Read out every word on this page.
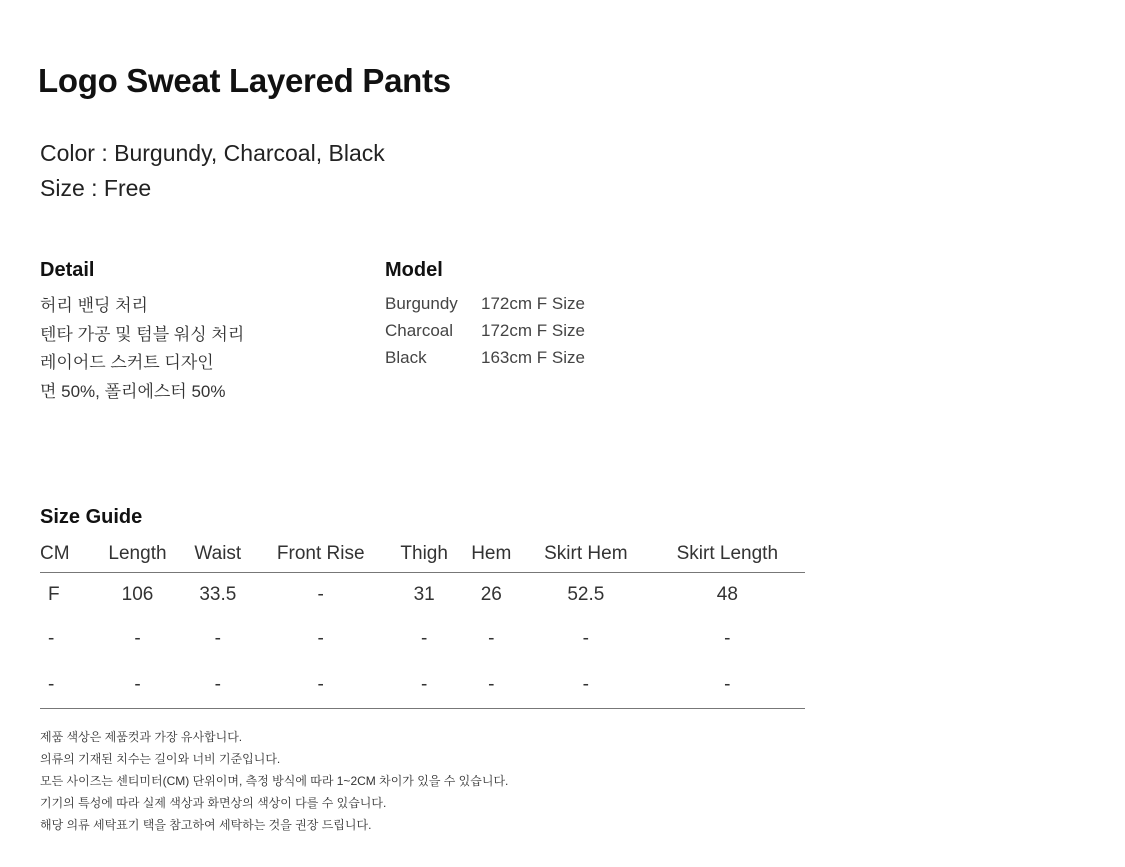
Logo Sweat Layered Pants
Color : Burgundy, Charcoal, Black
Size : Free
Detail
허리 밴딩 처리
텐타 가공 및 텀블 워싱 처리
레이어드 스커트 디자인
면 50%, 폴리에스터 50%
Model
Burgundy	172cm F Size
Charcoal	172cm F Size
Black	163cm F Size
Size Guide
CM	Length	Waist	Front Rise	Thigh	Hem	Skirt Hem	Skirt Length
F	106	33.5	-	31	26	52.5	48
-	-	-	-	-	-	-	-
-	-	-	-	-	-	-	-
제품 색상은 제품컷과 가장 유사합니다.
의류의 기재된 치수는 길이와 너비 기준입니다.
모든 사이즈는 센티미터(CM) 단위이며, 측정 방식에 따라 1~2CM 차이가 있을 수 있습니다.
기기의 특성에 따라 실제 색상과 화면상의 색상이 다를 수 있습니다.
해당 의류 세탁표기 택을 참고하여 세탁하는 것을 권장 드립니다.
